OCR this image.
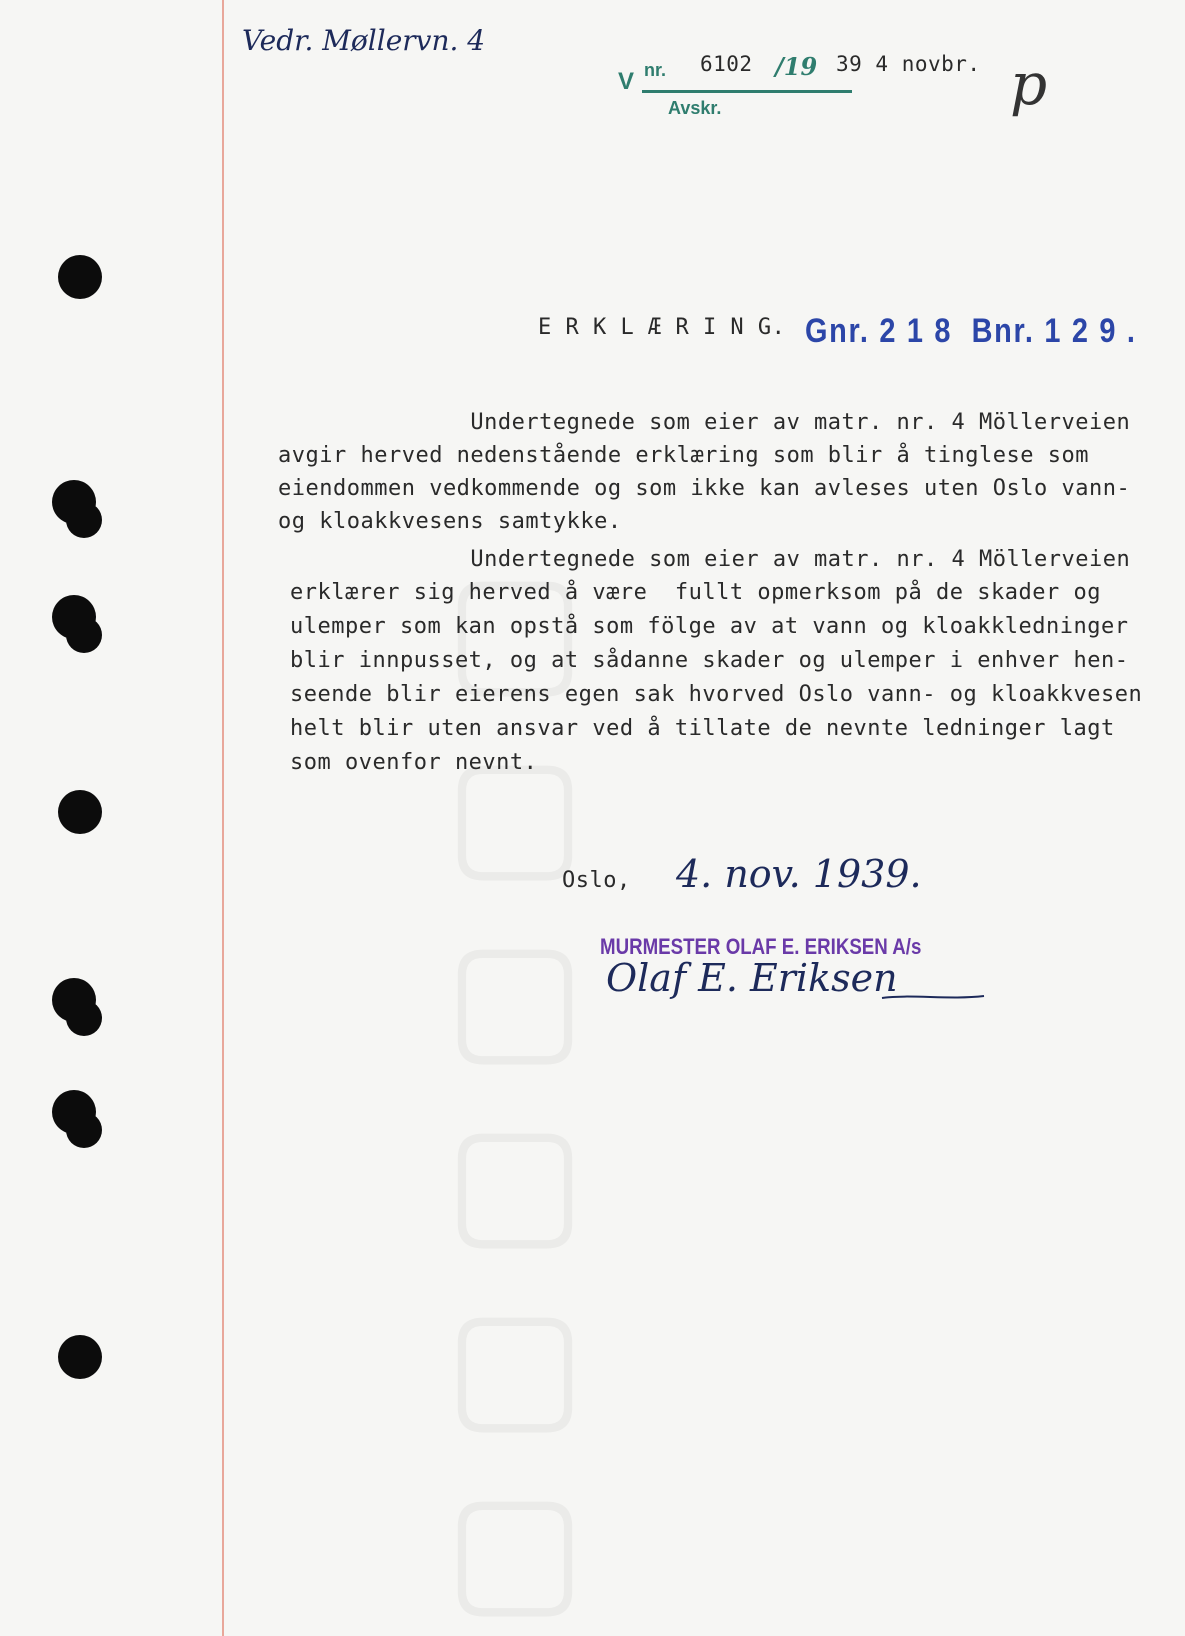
Vedr. Møllervn. 4
V nr.
Avskr.
6102 /19 39 4 novbr. p
E R K L Æ R I N G. Gnr. 2 1 8  Bnr. 1 2 9 .
Undertegnede som eier av matr. nr. 4 Möllerveien
avgir herved nedenstående erklæring som blir å tinglese som
eiendommen vedkommende og som ikke kan avleses uten Oslo vann-
og kloakkvesens samtykke.
Undertegnede som eier av matr. nr. 4 Möllerveien
erklærer sig herved å være  fullt opmerksom på de skader og
ulemper som kan opstå som fölge av at vann og kloakkledninger
blir innpusset, og at sådanne skader og ulemper i enhver hen-
seende blir eierens egen sak hvorved Oslo vann- og kloakkvesen
helt blir uten ansvar ved å tillate de nevnte ledninger lagt
som ovenfor nevnt.
Oslo, 4. nov. 1939.
MURMESTER OLAF E. ERIKSEN A/s
Olaf E. Eriksen
